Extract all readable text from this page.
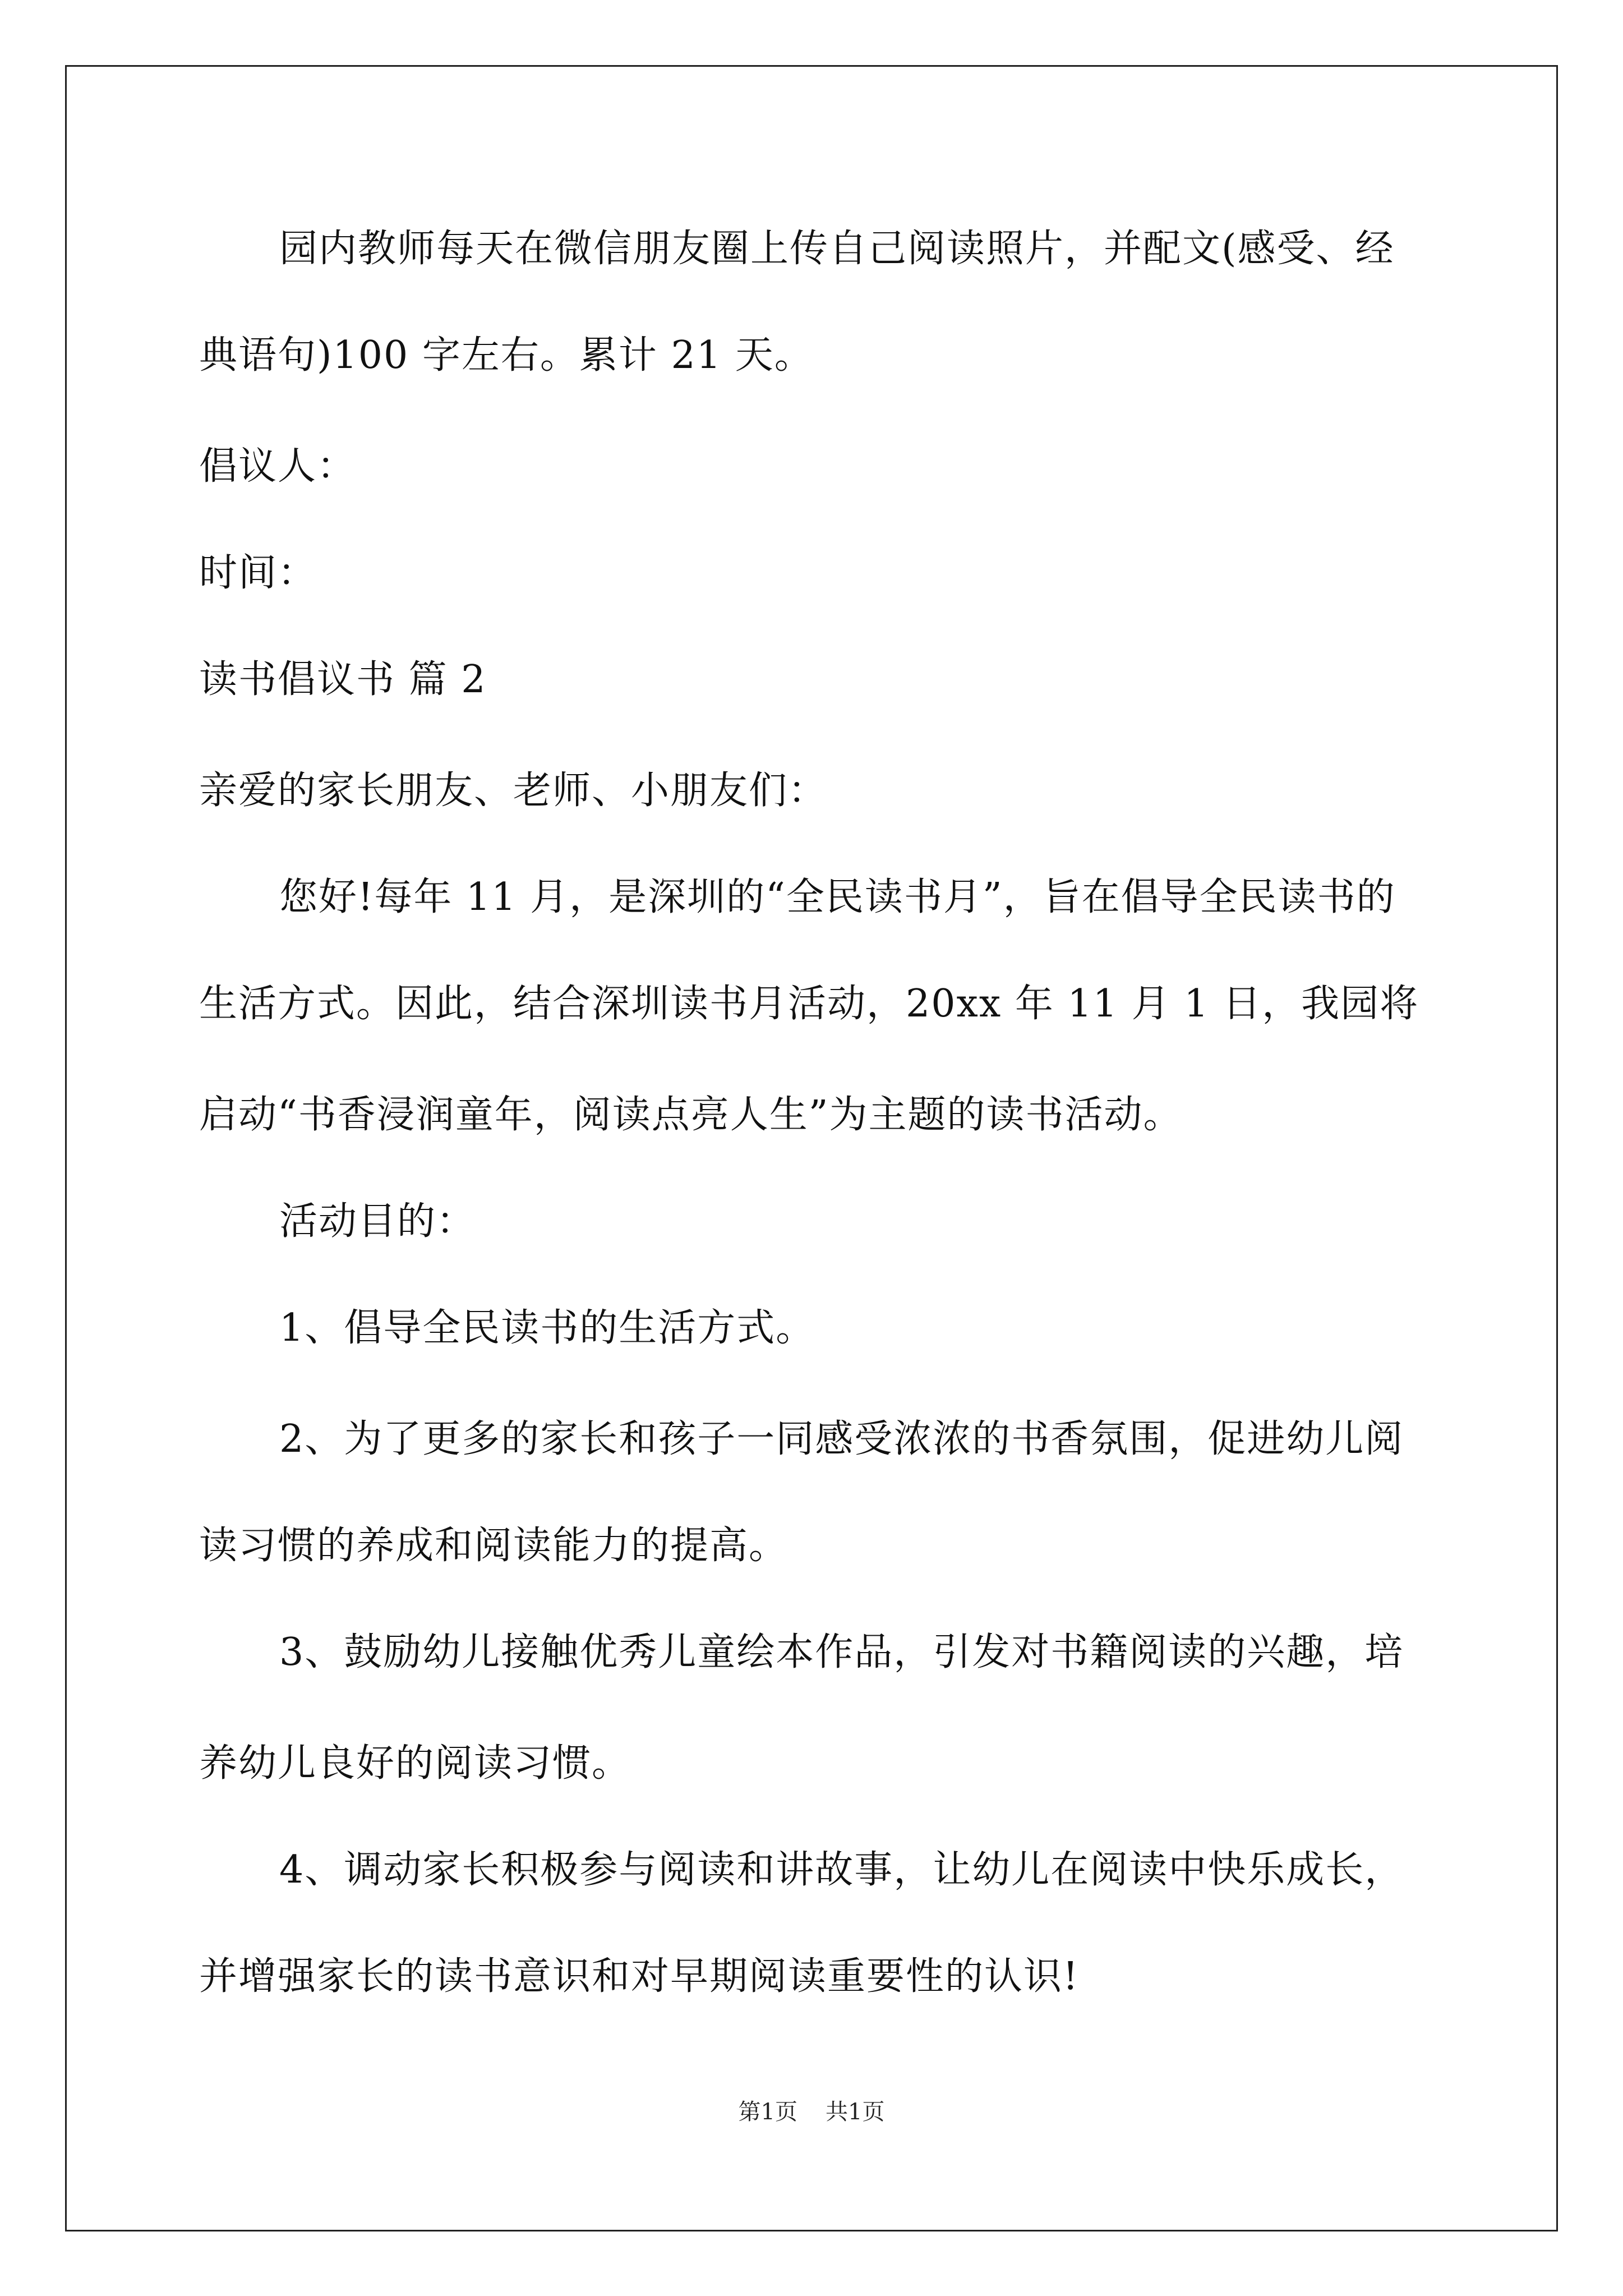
园内教师每天在微信朋友圈上传自己阅读照片，并配文(感受、经
典语句)100 字左右。累计 21 天。
倡议人：
时间：
读书倡议书 篇 2
亲爱的家长朋友、老师、小朋友们：
您好!每年 11 月，是深圳的“全民读书月”，旨在倡导全民读书的
生活方式。因此，结合深圳读书月活动，20xx 年 11 月 1 日，我园将
启动“书香浸润童年，阅读点亮人生”为主题的读书活动。
活动目的：
1、倡导全民读书的生活方式。
2、为了更多的家长和孩子一同感受浓浓的书香氛围，促进幼儿阅
读习惯的养成和阅读能力的提高。
3、鼓励幼儿接触优秀儿童绘本作品，引发对书籍阅读的兴趣，培
养幼儿良好的阅读习惯。
4、调动家长积极参与阅读和讲故事，让幼儿在阅读中快乐成长，
并增强家长的读书意识和对早期阅读重要性的认识!
第1页 共1页
